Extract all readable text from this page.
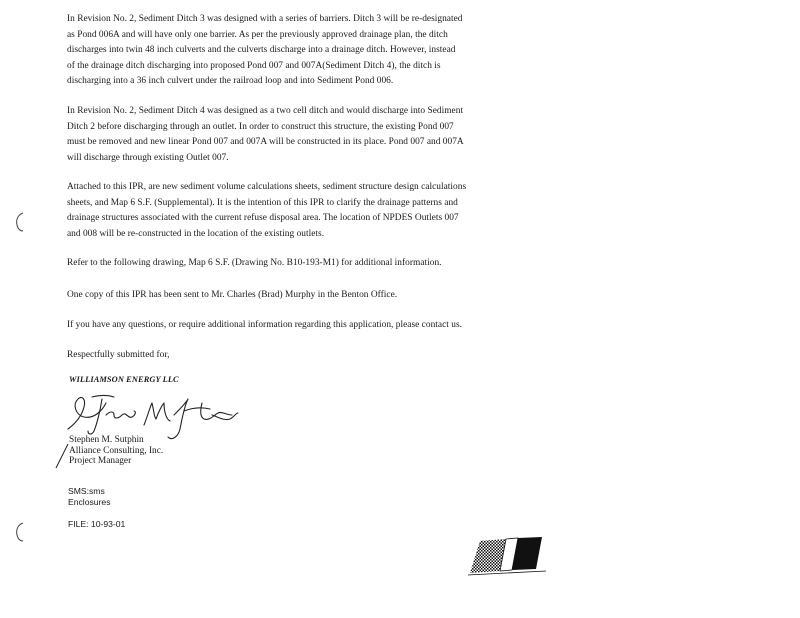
In Revision No. 2, Sediment Ditch 3 was designed with a series of barriers. Ditch 3 will be re-designated
as Pond 006A and will have only one barrier. As per the previously approved drainage plan, the ditch
discharges into twin 48 inch culverts and the culverts discharge into a drainage ditch. However, instead
of the drainage ditch discharging into proposed Pond 007 and 007A(Sediment Ditch 4), the ditch is
discharging into a 36 inch culvert under the railroad loop and into Sediment Pond 006.

In Revision No. 2, Sediment Ditch 4 was designed as a two cell ditch and would discharge into Sediment
Ditch 2 before discharging through an outlet. In order to construct this structure, the existing Pond 007
must be removed and new linear Pond 007 and 007A will be constructed in its place. Pond 007 and 007A
will discharge through existing Outlet 007.

Attached to this IPR, are new sediment volume calculations sheets, sediment structure design calculations
sheets, and Map 6 S.F. (Supplemental). It is the intention of this IPR to clarify the drainage patterns and
drainage structures associated with the current refuse disposal area. The location of NPDES Outlets 007
and 008 will be re-constructed in the location of the existing outlets.

Refer to the following drawing, Map 6 S.F. (Drawing No. B10-193-M1) for additional information.

One copy of this IPR has been sent to Mr. Charles (Brad) Murphy in the Benton Office.

If you have any questions, or require additional information regarding this application, please contact us.

Respectfully submitted for,

WILLIAMSON ENERGY LLC
Stephen M. Sutphin
Alliance Consulting, Inc.
Project Manager
SMS:sms
Enclosures
FILE: 10-93-01
